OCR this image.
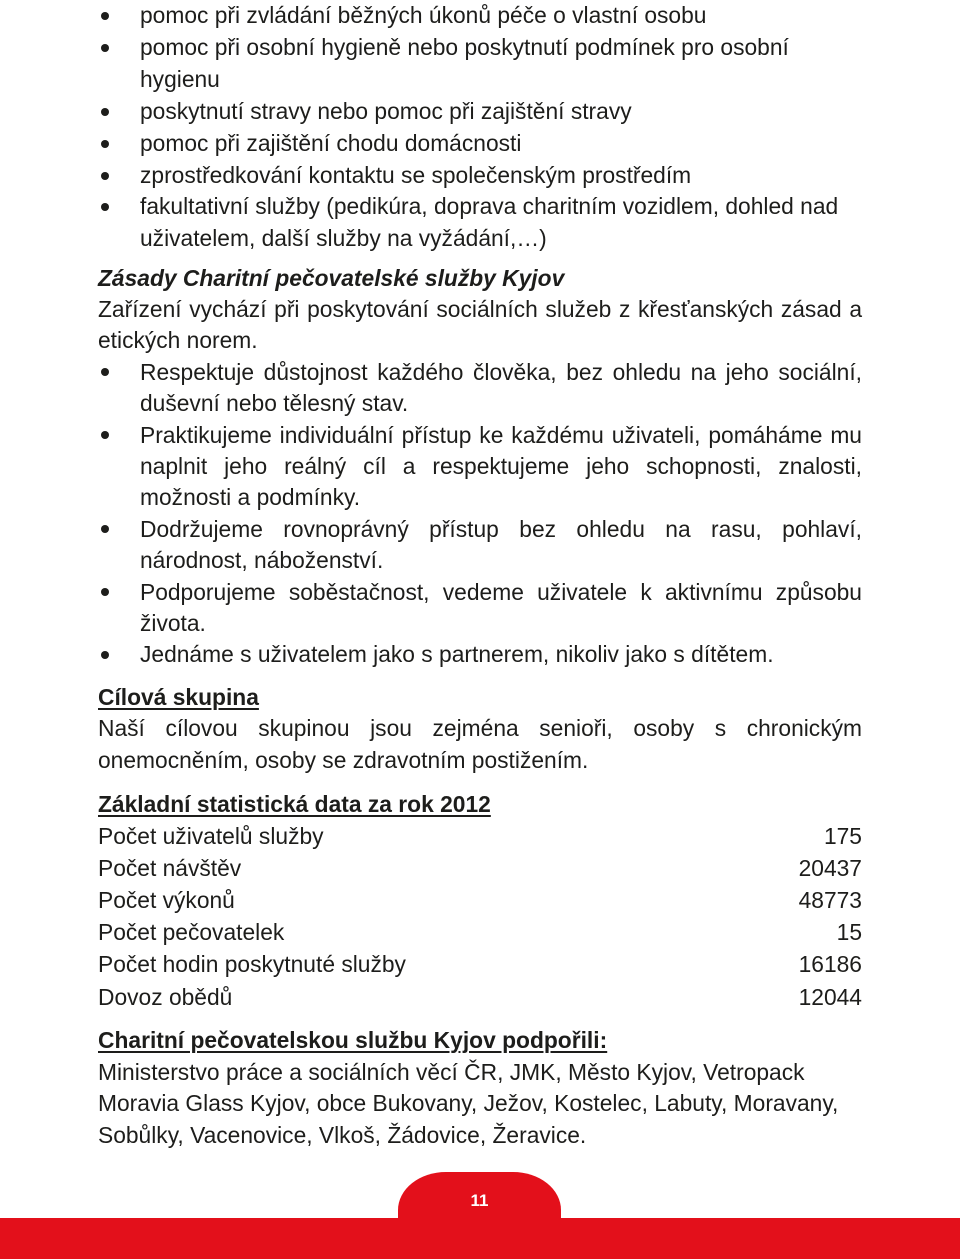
pomoc při zvládání běžných úkonů péče o vlastní osobu
pomoc při osobní hygieně nebo poskytnutí podmínek pro osobní
hygienu
poskytnutí stravy nebo pomoc při zajištění stravy
pomoc při zajištění chodu domácnosti
zprostředkování kontaktu se společenským prostředím
fakultativní služby (pedikúra, doprava charitním vozidlem, dohled nad
uživatelem, další služby na vyžádání,…)
Zásady Charitní pečovatelské služby Kyjov
Zařízení vychází při poskytování sociálních služeb z křesťanských zásad a
etických norem.
Respektuje důstojnost každého člověka, bez ohledu na jeho sociální,
duševní nebo tělesný stav.
Praktikujeme individuální přístup ke každému uživateli, pomáháme mu
naplnit jeho reálný cíl a respektujeme jeho schopnosti, znalosti,
možnosti a podmínky.
Dodržujeme rovnoprávný přístup bez ohledu na rasu, pohlaví,
národnost, náboženství.
Podporujeme soběstačnost, vedeme uživatele k aktivnímu způsobu
života.
Jednáme s uživatelem jako s partnerem, nikoliv jako s dítětem.
Cílová skupina
Naší cílovou skupinou jsou zejména senioři, osoby s chronickým
onemocněním, osoby se zdravotním postižením.
Základní statistická data za rok 2012
Počet uživatelů služby	175
Počet návštěv	20437
Počet výkonů	48773
Počet pečovatelek	15
Počet hodin poskytnuté služby	16186
Dovoz obědů	12044
Charitní pečovatelskou službu Kyjov podpořili:
Ministerstvo práce a sociálních věcí ČR, JMK, Město Kyjov, Vetropack
Moravia Glass Kyjov, obce Bukovany, Ježov, Kostelec, Labuty, Moravany,
Sobůlky, Vacenovice, Vlkoš, Žádovice, Žeravice.
11
